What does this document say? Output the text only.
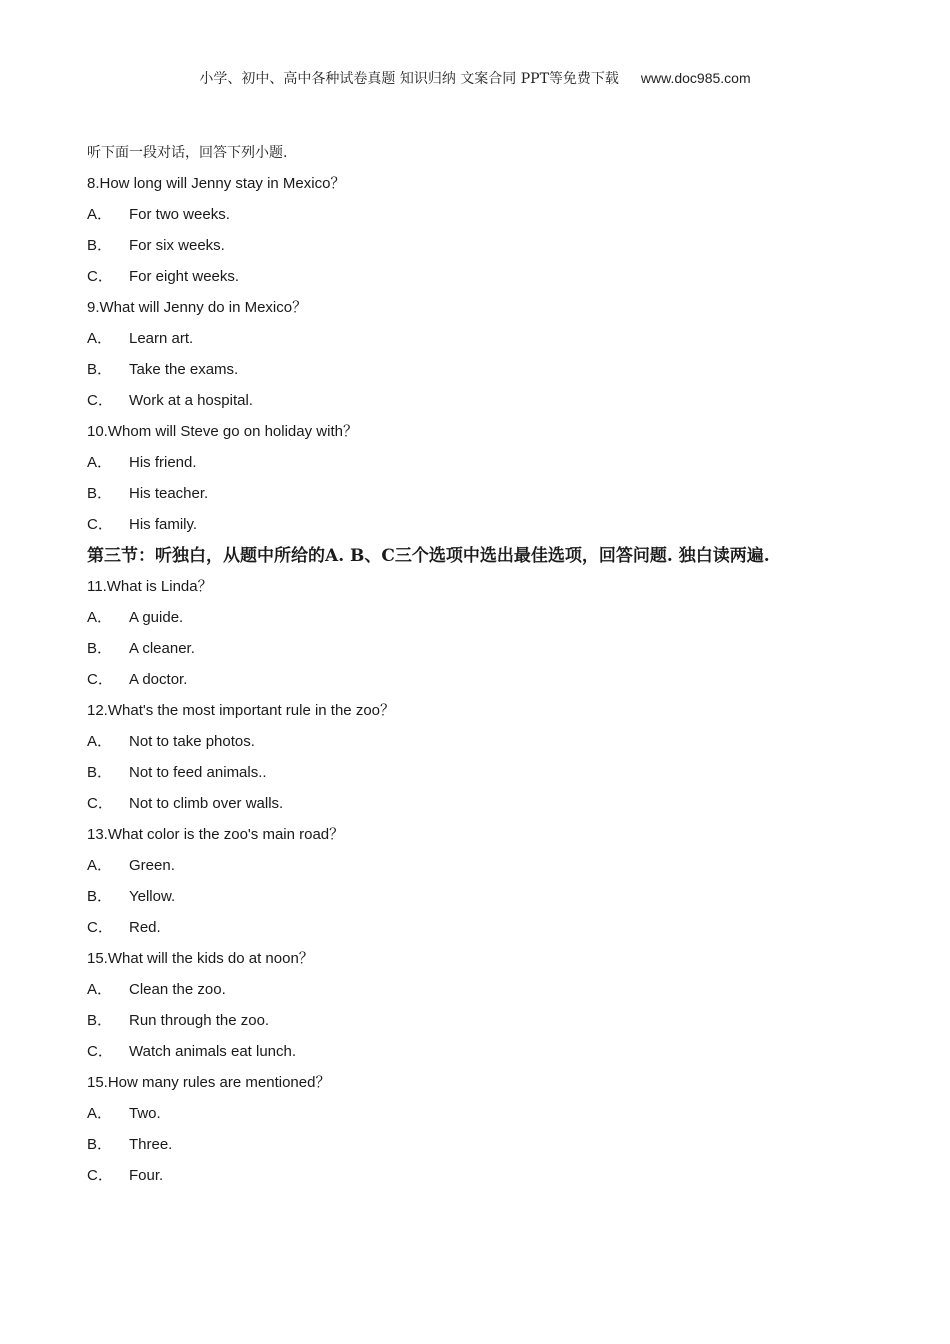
小学、初中、高中各种试卷真题 知识归纳 文案合同 PPT等免费下载 www.doc985.com
听下面一段对话，回答下列小题.
8.How long will Jenny stay in Mexico？
A．	For two weeks.
B．	For six weeks.
C．	For eight weeks.
9.What will Jenny do in Mexico？
A．	Learn art.
B．	Take the exams.
C．	Work at a hospital.
10.Whom will Steve go on holiday with？
A．	His friend.
B．	His teacher.
C．	His family.
第三节：听独白，从题中所给的A. B、C三个选项中选出最佳选项，回答问题. 独白读两遍.
11.What is Linda？
A．	A guide.
B．	A cleaner.
C．	A doctor.
12.What's the most important rule in the zoo？
A．	Not to take photos.
B．	Not to feed animals..
C．	Not to climb over walls.
13.What color is the zoo's main road？
A．	Green.
B．	Yellow.
C．	Red.
15.What will the kids do at noon？
A．	Clean the zoo.
B．	Run through the zoo.
C．	Watch animals eat lunch.
15.How many rules are mentioned？
A．	Two.
B．	Three.
C．	Four.
